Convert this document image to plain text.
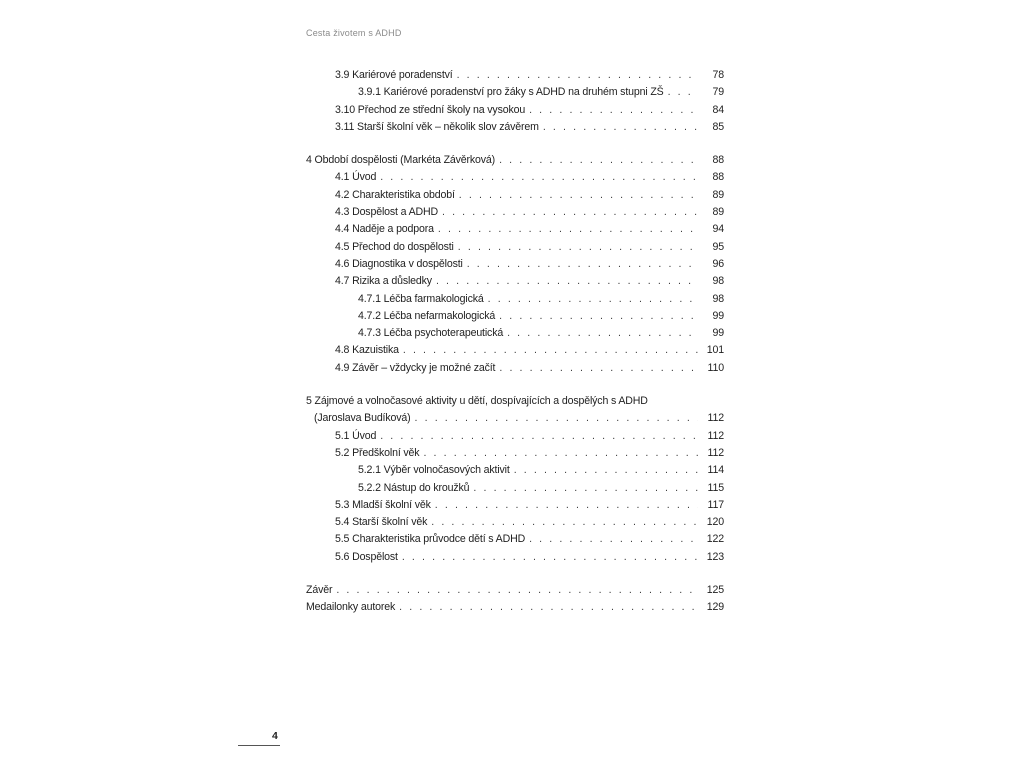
Cesta životem s ADHD
3.9 Kariérové poradenství . . .	78
3.9.1 Kariérové poradenství pro žáky s ADHD na druhém stupni ZŠ . . .	79
3.10 Přechod ze střední školy na vysokou . . .	84
3.11 Starší školní věk – několik slov závěrem . . .	85
4 Období dospělosti (Markéta Závěrková) . . .	88
4.1 Úvod . . .	88
4.2 Charakteristika období . . .	89
4.3 Dospělost a ADHD . . .	89
4.4 Naděje a podpora . . .	94
4.5 Přechod do dospělosti . . .	95
4.6 Diagnostika v dospělosti . . .	96
4.7 Rizika a důsledky . . .	98
4.7.1 Léčba farmakologická . . .	98
4.7.2 Léčba nefarmakologická . . .	99
4.7.3 Léčba psychoterapeutická . . .	99
4.8 Kazuistika . . .	101
4.9 Závěr – vždycky je možné začít . . .	110
5 Zájmové a volnočasové aktivity u dětí, dospívajících a dospělých s ADHD
(Jaroslava Budíková) . . .	112
5.1 Úvod . . .	112
5.2 Předškolní věk . . .	112
5.2.1 Výběr volnočasových aktivit . . .	114
5.2.2 Nástup do kroužků . . .	115
5.3 Mladší školní věk . . .	117
5.4 Starší školní věk . . .	120
5.5 Charakteristika průvodce dětí s ADHD . . .	122
5.6 Dospělost . . .	123
Závěr . . .	125
Medailonky autorek . . .	129
4
